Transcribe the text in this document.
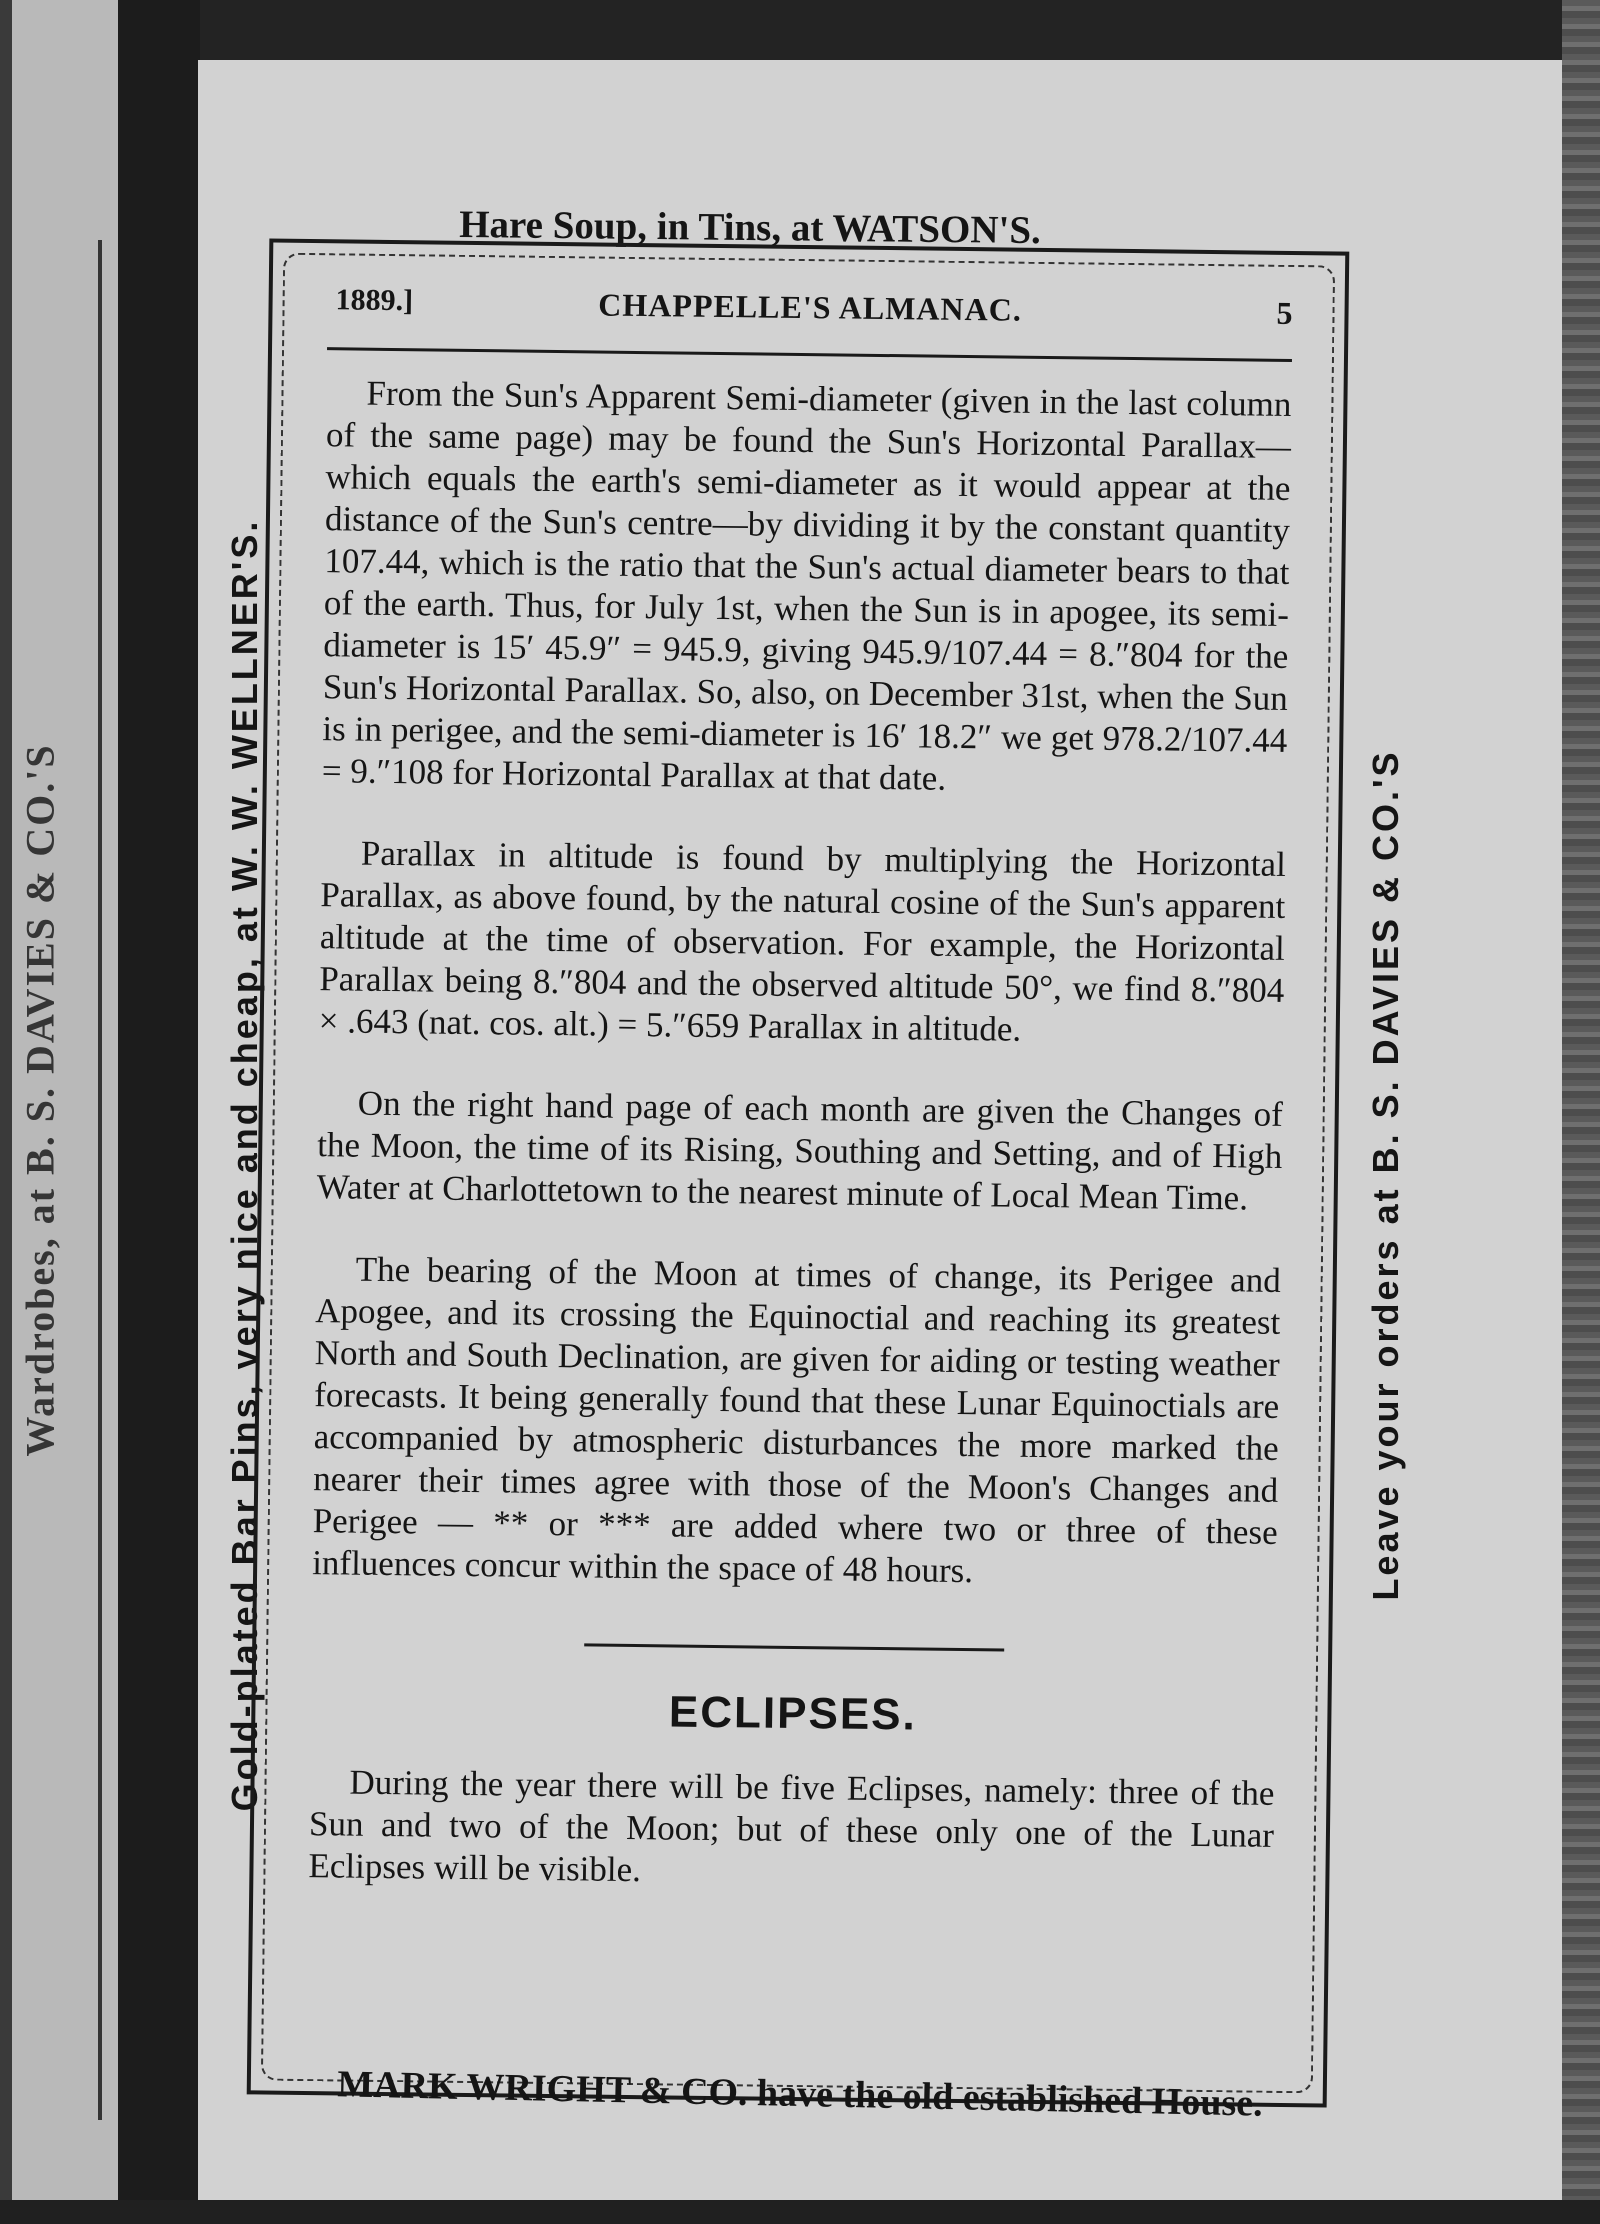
Wardrobes, at B. S. DAVIES & CO.'S
Hare Soup, in Tins, at WATSON'S.
Gold-plated Bar Pins, very nice and cheap, at W. W. WELLNER'S.	Leave your orders at B. S. DAVIES & CO.'S
1889.]	CHAPPELLE'S ALMANAC.	5

From the Sun's Apparent Semi-diameter (given in the last column of the same page) may be found the Sun's Horizontal Parallax—which equals the earth's semi-diameter as it would appear at the distance of the Sun's centre—by dividing it by the constant quantity 107.44, which is the ratio that the Sun's actual diameter bears to that of the earth. Thus, for July 1st, when the Sun is in apogee, its semi-diameter is 15′ 45.9″ = 945.9, giving 945.9/107.44 = 8.″804 for the Sun's Horizontal Parallax. So, also, on December 31st, when the Sun is in perigee, and the semi-diameter is 16′ 18.2″ we get 978.2/107.44 = 9.″108 for Horizontal Parallax at that date.

Parallax in altitude is found by multiplying the Horizontal Parallax, as above found, by the natural cosine of the Sun's apparent altitude at the time of observation. For example, the Horizontal Parallax being 8.″804 and the observed altitude 50°, we find 8.″804 × .643 (nat. cos. alt.) = 5.″659 Parallax in altitude.

On the right hand page of each month are given the Changes of the Moon, the time of its Rising, Southing and Setting, and of High Water at Charlottetown to the nearest minute of Local Mean Time.

The bearing of the Moon at times of change, its Perigee and Apogee, and its crossing the Equinoctial and reaching its greatest North and South Declination, are given for aiding or testing weather forecasts. It being generally found that these Lunar Equinoctials are accompanied by atmospheric disturbances the more marked the nearer their times agree with those of the Moon's Changes and Perigee — ** or *** are added where two or three of these influences concur within the space of 48 hours.

ECLIPSES.

During the year there will be five Eclipses, namely: three of the Sun and two of the Moon; but of these only one of the Lunar Eclipses will be visible.

MARK WRIGHT & CO. have the old established House.
